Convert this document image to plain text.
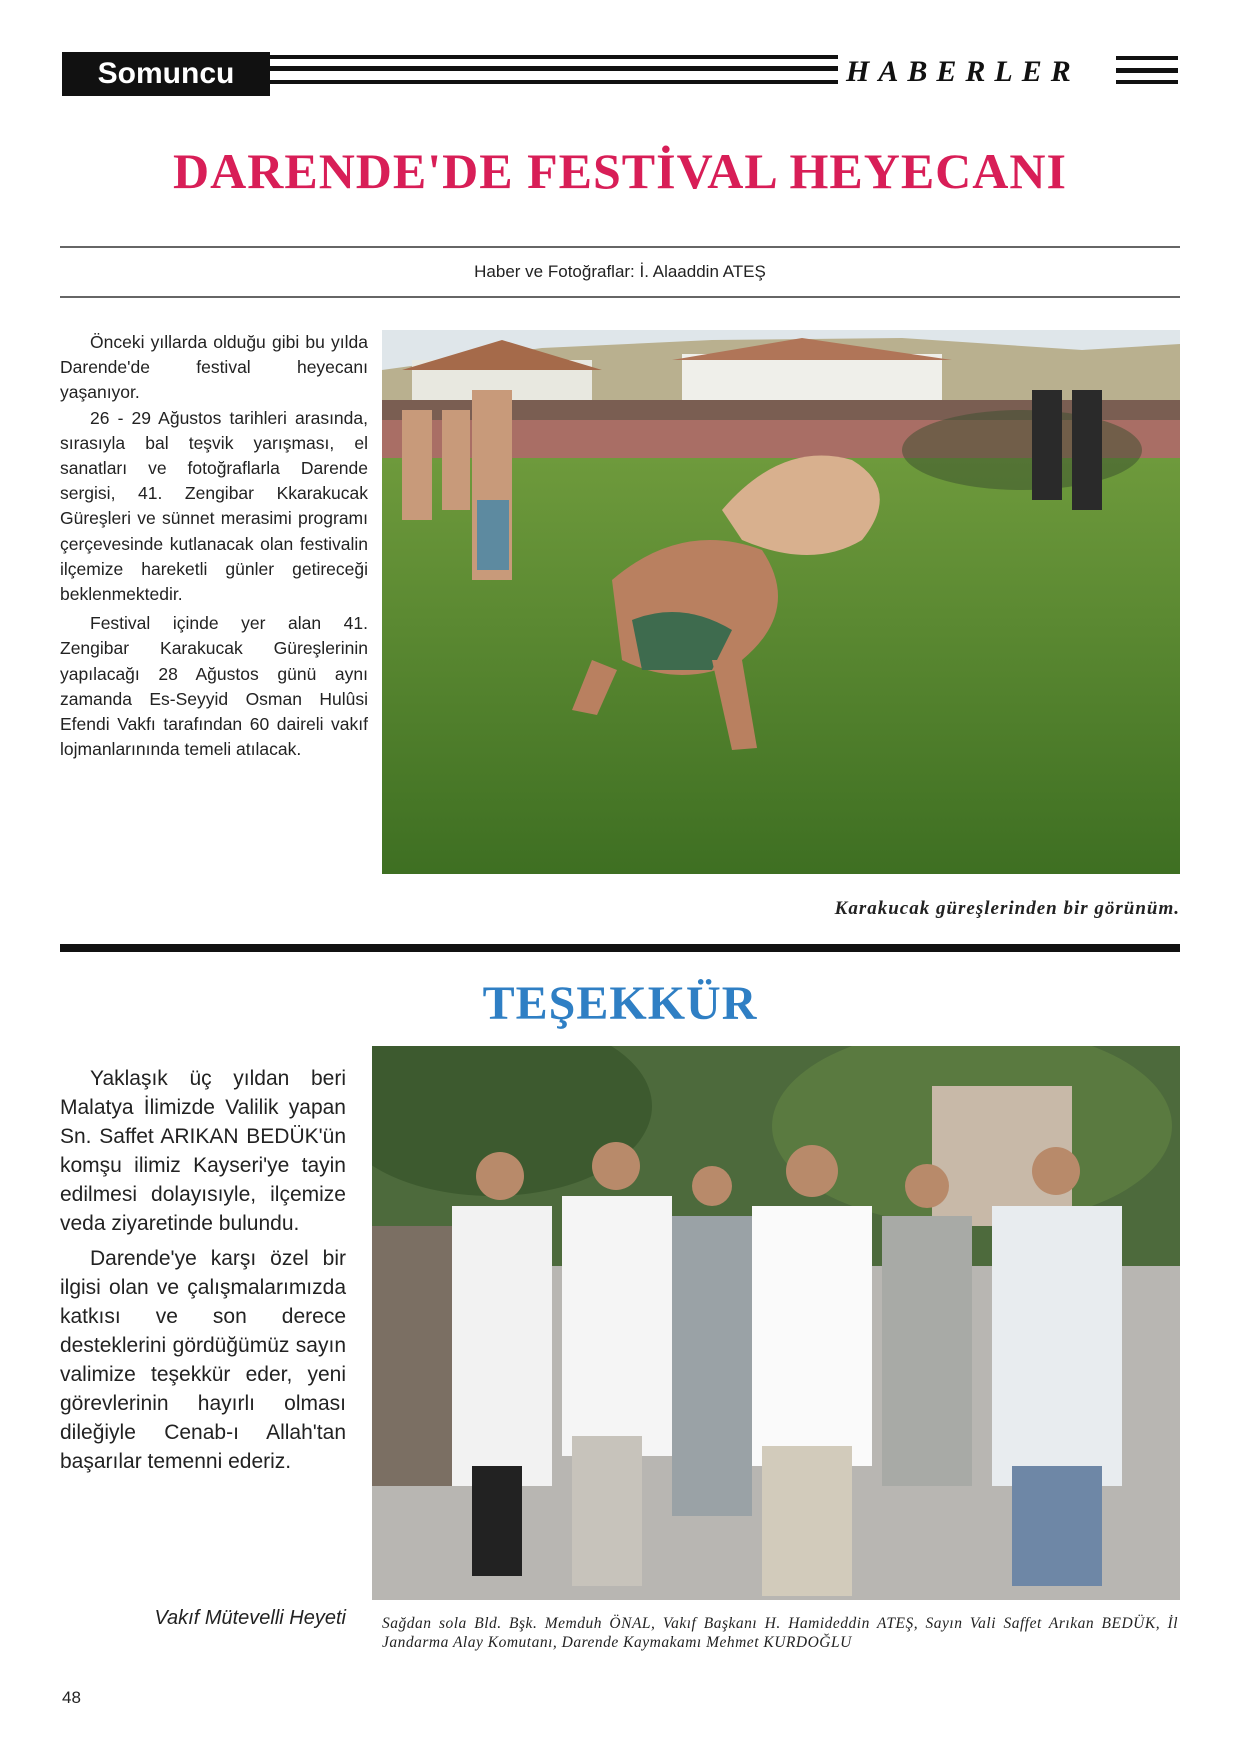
Somuncu Baba
HABERLER
DARENDE'DE FESTİVAL HEYECANI
Haber ve Fotoğraflar: İ. Alaaddin ATEŞ

Önceki yıllarda olduğu gibi bu yılda Darende'de festival heyecanı yaşanıyor.

26 - 29 Ağustos tarihleri arasında, sırasıyla bal teşvik yarışması, el sanatları ve fotoğraflarla Darende sergisi, 41. Zengibar Kkarakucak Güreşleri ve sünnet merasimi programı çerçevesinde kutlanacak olan festivalin ilçemize hareketli günler getireceği beklenmektedir.

Festival içinde yer alan 41. Zengibar Karakucak Güreşlerinin yapılacağı 28 Ağustos günü aynı zamanda Es-Seyyid Osman Hulûsi Efendi Vakfı tarafından 60 daireli vakıf lojmanlarınında temeli atılacak.

Karakucak güreşlerinden bir görünüm.
TEŞEKKÜR

Yaklaşık üç yıldan beri Malatya İlimizde Valilik yapan Sn. Saffet ARIKAN BEDÜK'ün komşu ilimiz Kayseri'ye tayin edilmesi dolayısıyle, ilçemize veda ziyaretinde bulundu.

Darende'ye karşı özel bir ilgisi olan ve çalışmalarımızda katkısı ve son derece desteklerini gördüğümüz sayın valimize teşekkür eder, yeni görevlerinin hayırlı olması dileğiyle Cenab-ı Allah'tan başarılar temenni ederiz.

Vakıf Mütevelli Heyeti Sağdan sola Bld. Bşk. Memduh ÖNAL, Vakıf Başkanı H. Hamideddin ATEŞ, Sayın Vali Saffet Arıkan BEDÜK, İl Jandarma Alay Komutanı, Darende Kaymakamı Mehmet KURDOĞLU
48
